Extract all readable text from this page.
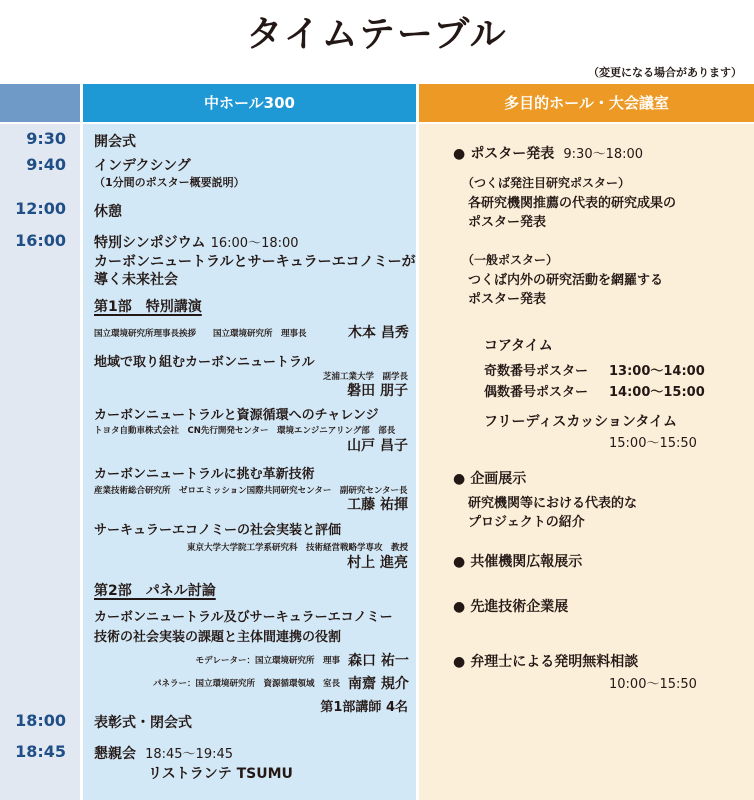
タイムテーブル
（変更になる場合があります）
中ホール300	多目的ホール・大会議室
9:30
9:40
12:00
16:00
18:00
18:45
開会式
インデクシング
（1分間のポスター概要説明）
休憩
特別シンポジウム 16:00～18:00
カーボンニュートラルとサーキュラーエコノミーが
導く未来社会
第1部　特別講演
国立環境研究所理事長挨拶　　国立環境研究所　理事長	木本 昌秀
地域で取り組むカーボンニュートラル
芝浦工業大学　副学長
磐田 朋子
カーボンニュートラルと資源循環へのチャレンジ
トヨタ自動車株式会社　CN先行開発センター　環境エンジニアリング部　部長
山戸 昌子
カーボンニュートラルに挑む革新技術
産業技術総合研究所　ゼロエミッション国際共同研究センター　副研究センター長
工藤 祐揮
サーキュラーエコノミーの社会実装と評価
東京大学大学院工学系研究科　技術経営戦略学専攻　教授
村上 進亮
第2部　パネル討論
カーボンニュートラル及びサーキュラーエコノミー
技術の社会実装の課題と主体間連携の役割
モデレーター：国立環境研究所　理事 森口 祐一
パネラー：国立環境研究所　資源循環領域　室長 南齋 規介
第1部講師 4名
表彰式・閉会式
懇親会 18:45～19:45
リストランテ TSUMU
● ポスター発表 9:30～18:00
（つくば発注目研究ポスター）
各研究機関推薦の代表的研究成果の
ポスター発表
（一般ポスター）
つくば内外の研究活動を網羅する
ポスター発表
コアタイム
奇数番号ポスター 13:00～14:00
偶数番号ポスター 14:00～15:00
フリーディスカッションタイム
15:00～15:50
● 企画展示
研究機関等における代表的な
プロジェクトの紹介
● 共催機関広報展示
● 先進技術企業展
● 弁理士による発明無料相談
10:00～15:50
